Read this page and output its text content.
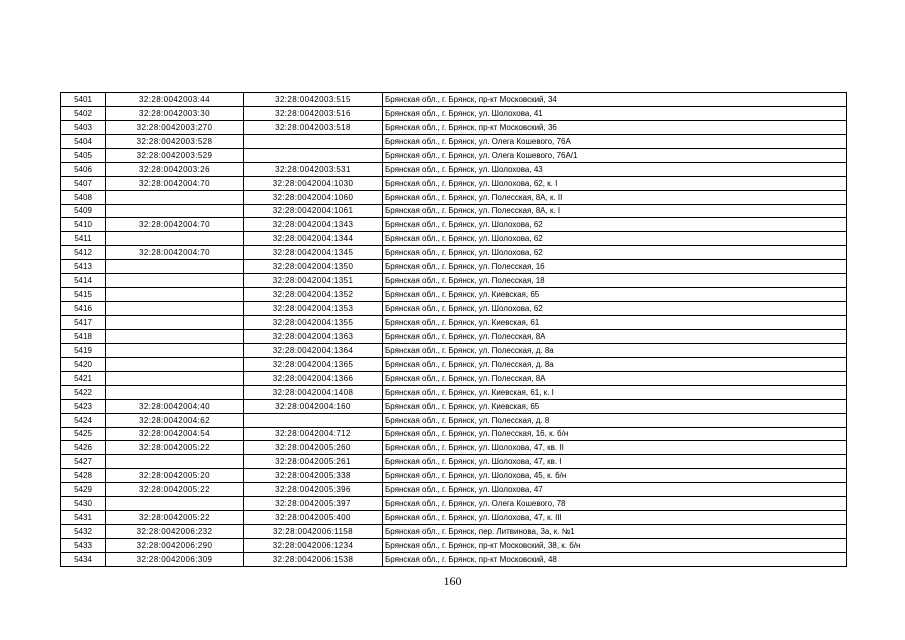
5401	32:28:0042003:44	32:28:0042003:515	Брянская обл., г. Брянск, пр-кт Московский, 34
5402	32:28:0042003:30	32:28:0042003:516	Брянская обл., г. Брянск, ул. Шолохова, 41
5403	32:28:0042003:270	32:28:0042003:518	Брянская обл., г. Брянск, пр-кт Московский, 36
5404	32:28:0042003:528		Брянская обл., г. Брянск, ул. Олега Кошевого, 76А
5405	32:28:0042003:529		Брянская обл., г. Брянск, ул. Олега Кошевого, 76А/1
5406	32:28:0042003:26	32:28:0042003:531	Брянская обл., г. Брянск, ул. Шолохова, 43
5407	32:28:0042004:70	32:28:0042004:1030	Брянская обл., г. Брянск, ул. Шолохова, 62, к. I
5408		32:28:0042004:1060	Брянская обл., г. Брянск, ул. Полесская, 8А, к. II
5409		32:28:0042004:1061	Брянская обл., г. Брянск, ул. Полесская, 8А, к. I
5410	32:28:0042004:70	32:28:0042004:1343	Брянская обл., г. Брянск, ул. Шолохова, 62
5411		32:28:0042004:1344	Брянская обл., г. Брянск, ул. Шолохова, 62
5412	32:28:0042004:70	32:28:0042004:1345	Брянская обл., г. Брянск, ул. Шолохова, 62
5413		32:28:0042004:1350	Брянская обл., г. Брянск, ул. Полесская, 16
5414		32:28:0042004:1351	Брянская обл., г. Брянск, ул. Полесская, 18
5415		32:28:0042004:1352	Брянская обл., г. Брянск, ул. Киевская, 65
5416		32:28:0042004:1353	Брянская обл., г. Брянск, ул. Шолохова, 62
5417		32:28:0042004:1355	Брянская обл., г. Брянск, ул. Киевская, 61
5418		32:28:0042004:1363	Брянская обл., г. Брянск, ул. Полесская, 8А
5419		32:28:0042004:1364	Брянская обл., г. Брянск, ул. Полесская, д. 8а
5420		32:28:0042004:1365	Брянская обл., г. Брянск, ул. Полесская, д. 8а
5421		32:28:0042004:1366	Брянская обл., г. Брянск, ул. Полесская, 8А
5422		32:28:0042004:1408	Брянская обл., г. Брянск, ул. Киевская, 61, к. I
5423	32:28:0042004:40	32:28:0042004:160	Брянская обл., г. Брянск, ул. Киевская, 65
5424	32:28:0042004:62		Брянская обл., г. Брянск, ул. Полесская, д. 8
5425	32:28:0042004:54	32:28:0042004:712	Брянская обл., г. Брянск, ул. Полесская, 16, к. б/н
5426	32:28:0042005:22	32:28:0042005:260	Брянская обл., г. Брянск, ул. Шолохова, 47, кв. II
5427		32:28:0042005:261	Брянская обл., г. Брянск, ул. Шолохова, 47, кв. I
5428	32:28:0042005:20	32:28:0042005:338	Брянская обл., г. Брянск, ул. Шолохова, 45, к. б/н
5429	32:28:0042005:22	32:28:0042005:396	Брянская обл., г. Брянск, ул. Шолохова, 47
5430		32:28:0042005:397	Брянская обл., г. Брянск, ул. Олега Кошевого, 78
5431	32:28:0042005:22	32:28:0042005:400	Брянская обл., г. Брянск, ул. Шолохова, 47, к. III
5432	32:28:0042006:232	32:28:0042006:1158	Брянская обл., г. Брянск, пер. Литвинова, 3а, к. №1
5433	32:28:0042006:290	32:28:0042006:1234	Брянская обл., г. Брянск, пр-кт Московский, 38, к. б/н
5434	32:28:0042006:309	32:28:0042006:1538	Брянская обл., г. Брянск, пр-кт Московский, 48
160
